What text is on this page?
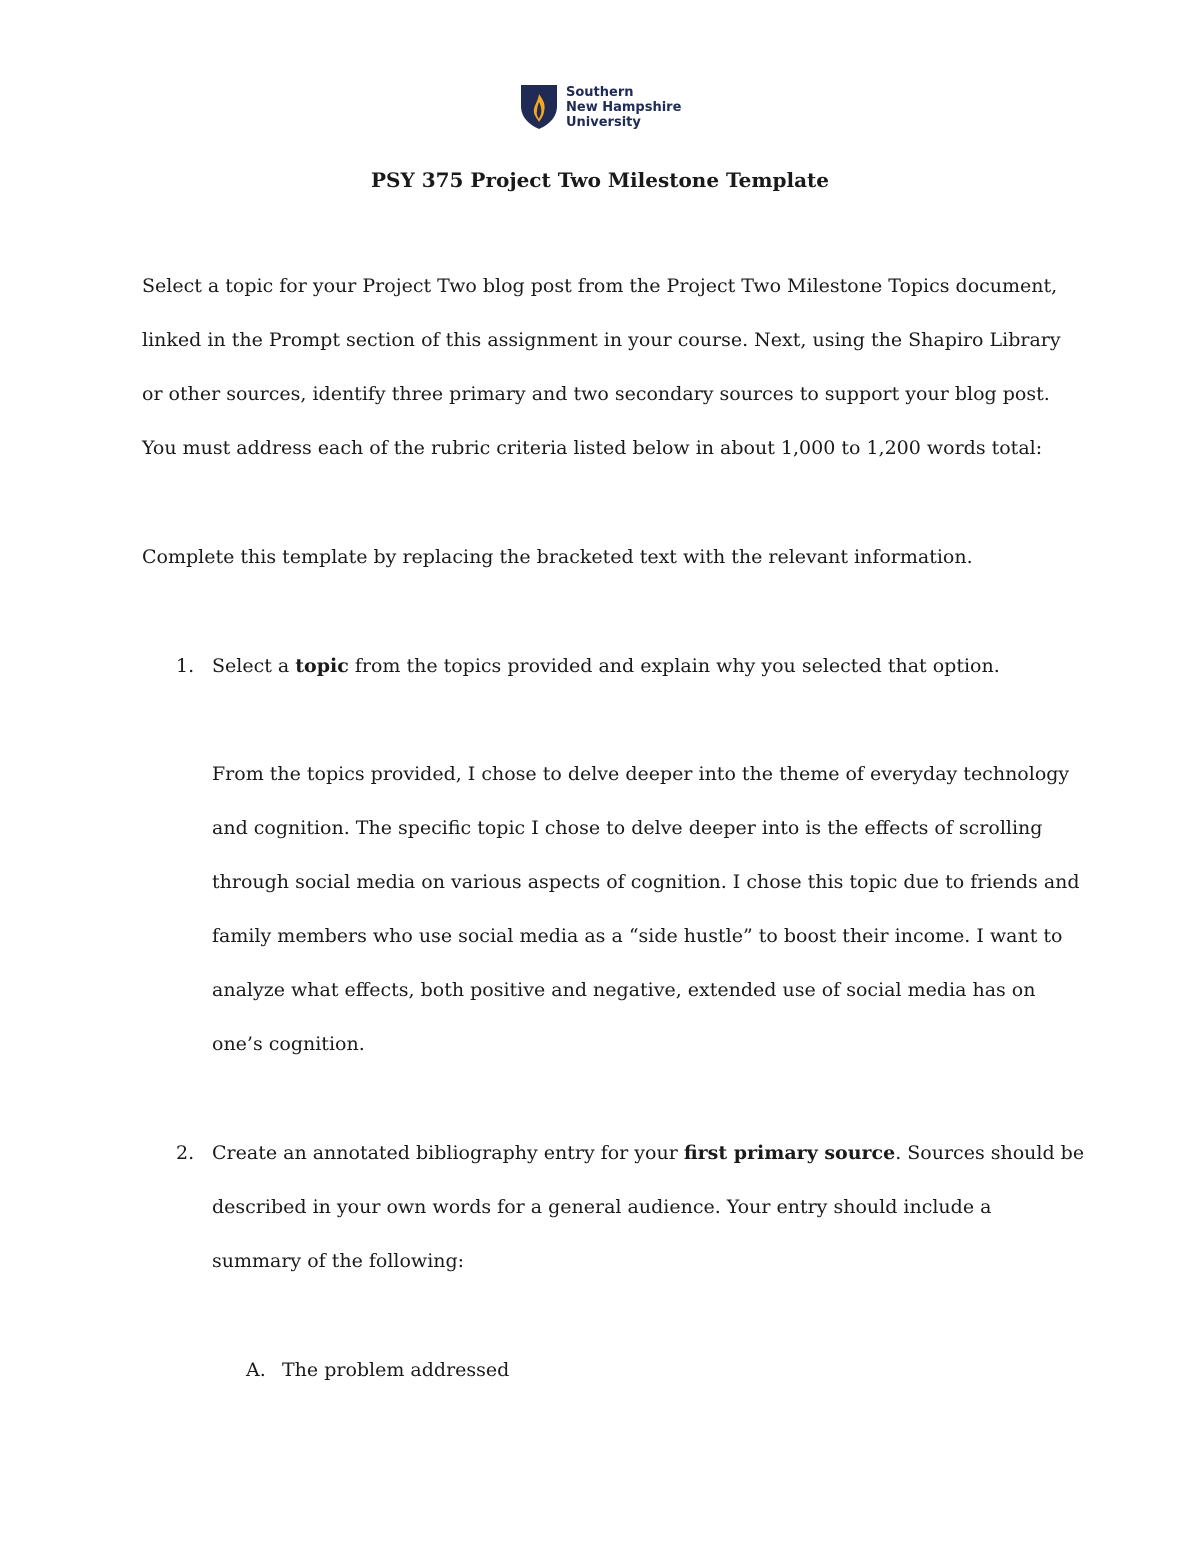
Southern
New Hampshire
University
PSY 375 Project Two Milestone Template
Select a topic for your Project Two blog post from the Project Two Milestone Topics document,
linked in the Prompt section of this assignment in your course. Next, using the Shapiro Library
or other sources, identify three primary and two secondary sources to support your blog post.
You must address each of the rubric criteria listed below in about 1,000 to 1,200 words total:
Complete this template by replacing the bracketed text with the relevant information.
1. Select a topic from the topics provided and explain why you selected that option.
From the topics provided, I chose to delve deeper into the theme of everyday technology
and cognition. The specific topic I chose to delve deeper into is the effects of scrolling
through social media on various aspects of cognition. I chose this topic due to friends and
family members who use social media as a “side hustle” to boost their income. I want to
analyze what effects, both positive and negative, extended use of social media has on
one’s cognition.
2. Create an annotated bibliography entry for your first primary source. Sources should be
described in your own words for a general audience. Your entry should include a
summary of the following:
A. The problem addressed
